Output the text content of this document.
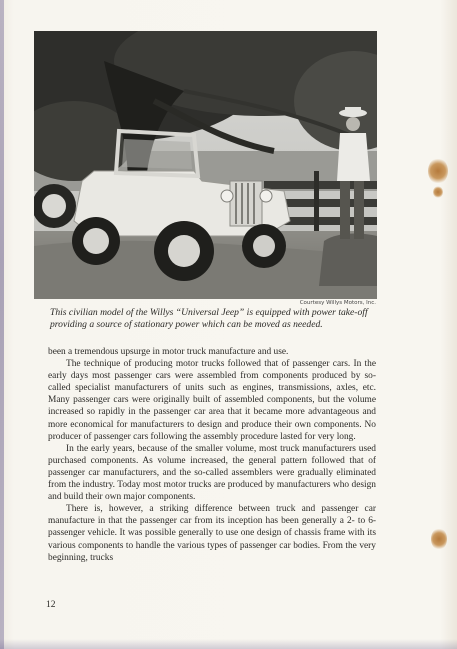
Courtesy Willys Motors, Inc.
This civilian model of the Willys “Universal Jeep” is equipped with power take-off providing a source of stationary power which can be moved as needed.

been a tremendous upsurge in motor truck manufacture and use.

The technique of producing motor trucks followed that of passenger cars. In the early days most passenger cars were assembled from components produced by so-called specialist manufacturers of units such as engines, transmissions, axles, etc. Many passenger cars were originally built of assembled components, but the volume increased so rapidly in the passenger car area that it became more advantageous and more economical for manufacturers to design and produce their own components. No producer of passenger cars following the assembly procedure lasted for very long.

In the early years, because of the smaller volume, most truck manufacturers used purchased components. As volume increased, the general pattern followed that of passenger car manufacturers, and the so-called assemblers were gradually eliminated from the industry. Today most motor trucks are produced by manufacturers who design and build their own major components.

There is, however, a striking difference between truck and passenger car manufacture in that the passenger car from its inception has been generally a 2- to 6-passenger vehicle. It was possible generally to use one design of chassis frame with its various components to handle the various types of passenger car bodies. From the very beginning, trucks

12
